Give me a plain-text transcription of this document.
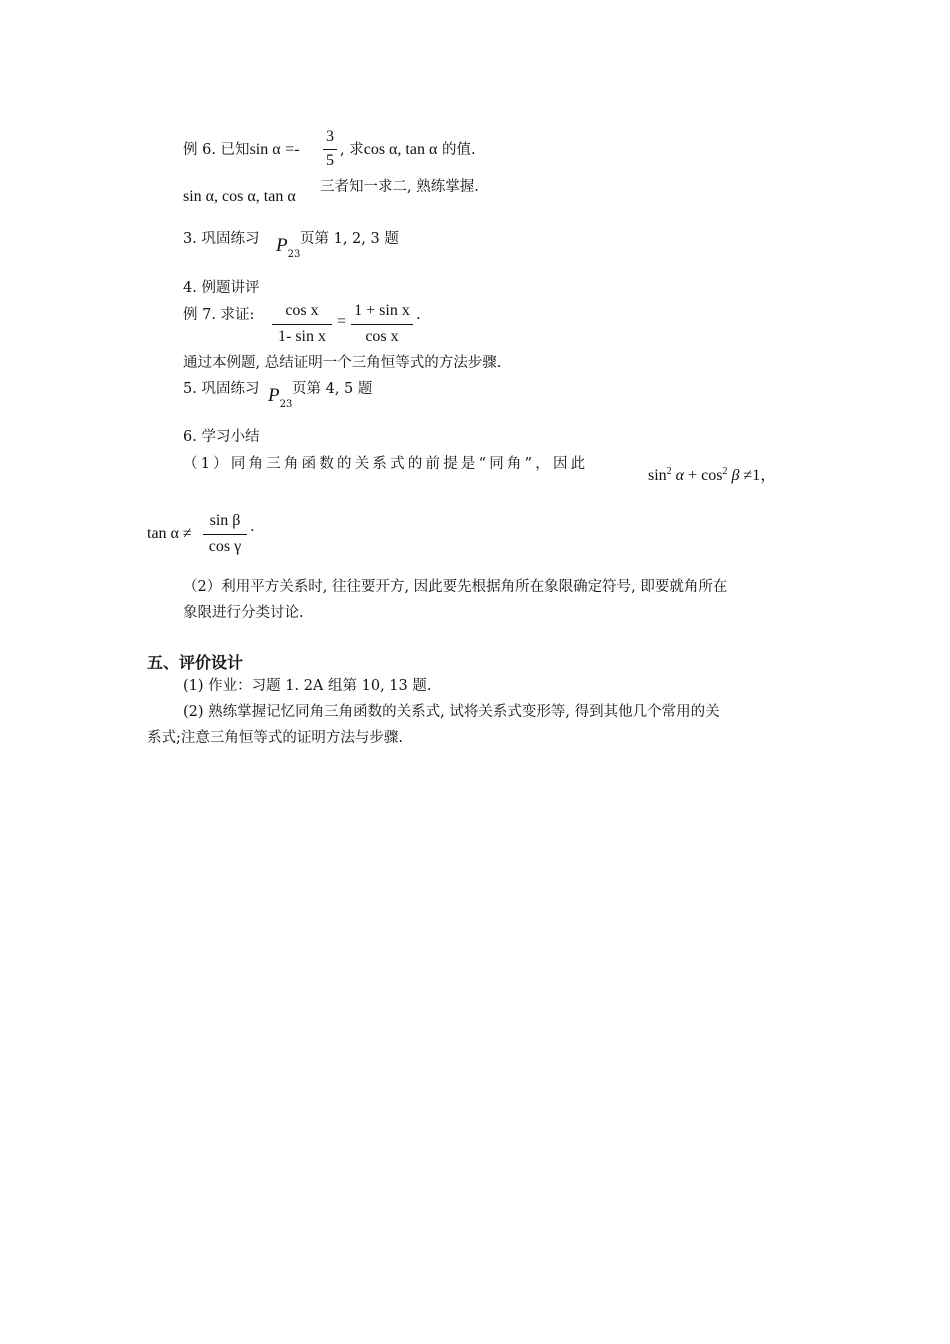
例 6. 已知sin α =-
3
5
, 求cos α, tan α 的值.
sin α, cos α, tan α
三者知一求二, 熟练掌握.
3. 巩固练习 $P_{23}$
页第 1, 2, 3 题
4. 例题讲评
例 7. 求证:	cos x
1- sin x
=
1 + sin x
cos x
.
通过本例题, 总结证明一个三角恒等式的方法步骤.
5. 巩固练习 $P_{23}$
页第 4, 5 题
6. 学习小结
（1）同角三角函数的关系式的前提是“同角”，因此
$\sin^2 \alpha + \cos^2 \beta \ne 1$，
tan α ≠
sin β
cos γ
.
（2）利用平方关系时, 往往要开方, 因此要先根据角所在象限确定符号, 即要就角所在
象限进行分类讨论.
五、评价设计
(1) 作业：习题 1. 2A 组第 10, 13 题.
(2) 熟练掌握记忆同角三角函数的关系式, 试将关系式变形等, 得到其他几个常用的关
系式;注意三角恒等式的证明方法与步骤.
